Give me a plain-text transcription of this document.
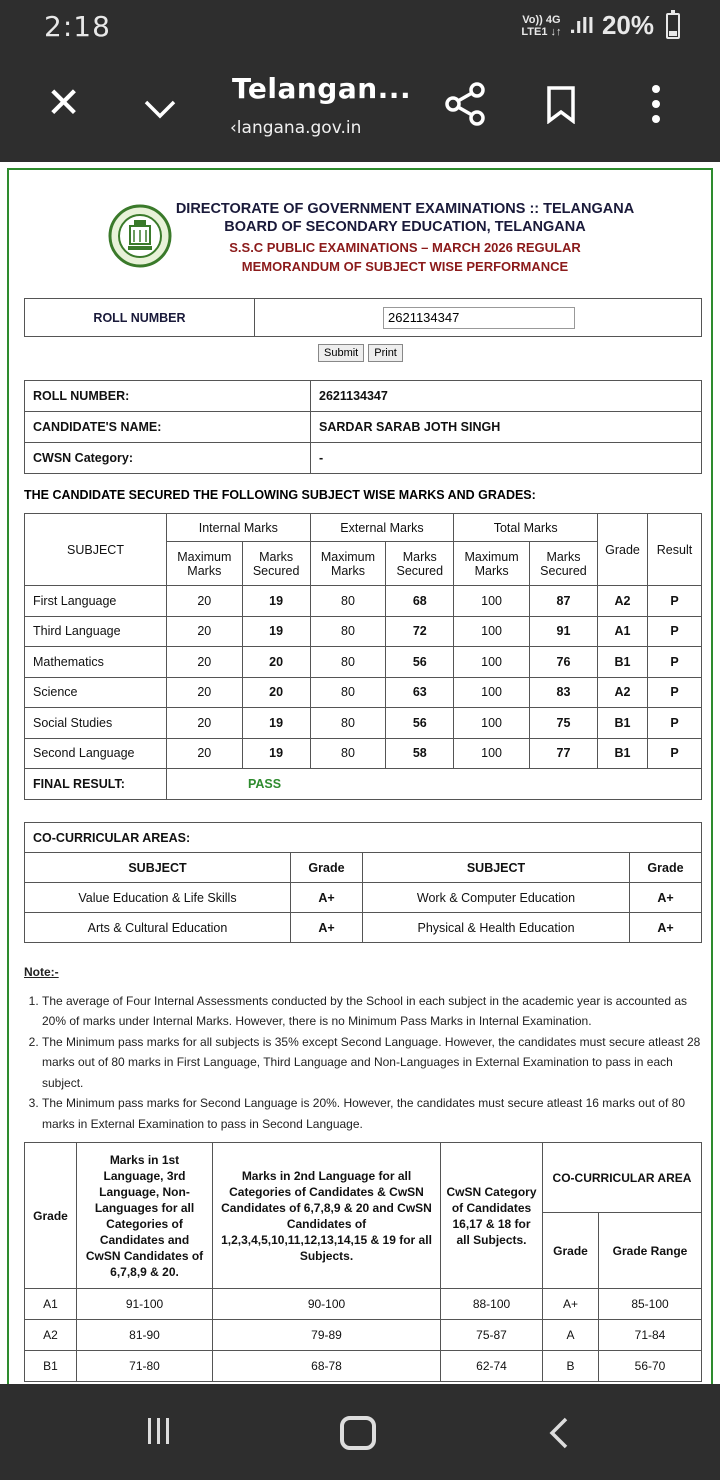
2:18	Vo)) 4G
LTE1 ↓↑ .ıll 20%
✕	Telangan...
‹langana.gov.in
DIRECTORATE OF GOVERNMENT EXAMINATIONS :: TELANGANA
BOARD OF SECONDARY EDUCATION, TELANGANA
S.S.C PUBLIC EXAMINATIONS – MARCH 2026 REGULAR
MEMORANDUM OF SUBJECT WISE PERFORMANCE
ROLL NUMBER	2621134347
Submit	Print
ROLL NUMBER:	2621134347
CANDIDATE'S NAME:	SARDAR SARAB JOTH SINGH
CWSN Category:	-
THE CANDIDATE SECURED THE FOLLOWING SUBJECT WISE MARKS AND GRADES:
SUBJECT	Internal Marks		External Marks		Total Marks		Grade	Result
	Maximum Marks	Marks Secured	Maximum Marks	Marks Secured	Maximum Marks	Marks Secured		
First Language	20	19	80	68	100	87	A2	P
Third Language	20	19	80	72	100	91	A1	P
Mathematics	20	20	80	56	100	76	B1	P
Science	20	20	80	63	100	83	A2	P
Social Studies	20	19	80	56	100	75	B1	P
Second Language	20	19	80	58	100	77	B1	P
FINAL RESULT:	PASS							
CO-CURRICULAR AREAS:			
SUBJECT	Grade	SUBJECT	Grade
Value Education & Life Skills	A+	Work & Computer Education	A+
Arts & Cultural Education	A+	Physical & Health Education	A+
Note:-
1. The average of Four Internal Assessments conducted by the School in each subject in the academic year is accounted as 20% of marks under Internal Marks. However, there is no Minimum Pass Marks in Internal Examination.
2. The Minimum pass marks for all subjects is 35% except Second Language. However, the candidates must secure atleast 28 marks out of 80 marks in First Language, Third Language and Non-Languages in External Examination to pass in each subject.
3. The Minimum pass marks for Second Language is 20%. However, the candidates must secure atleast 16 marks out of 80 marks in External Examination to pass in Second Language.
Grade	Marks in 1st Language, 3rd Language, Non-Languages for all Categories of Candidates and CwSN Candidates of 6,7,8,9 & 20.	Marks in 2nd Language for all Categories of Candidates & CwSN Candidates of 6,7,8,9 & 20 and CwSN Candidates of 1,2,3,4,5,10,11,12,13,14,15 & 19 for all Subjects.	CwSN Category of Candidates 16,17 & 18 for all Subjects.	CO-CURRICULAR AREA	
				Grade	Grade Range
A1	91-100	90-100	88-100	A+	85-100
A2	81-90	79-89	75-87	A	71-84
B1	71-80	68-78	62-74	B	56-70
